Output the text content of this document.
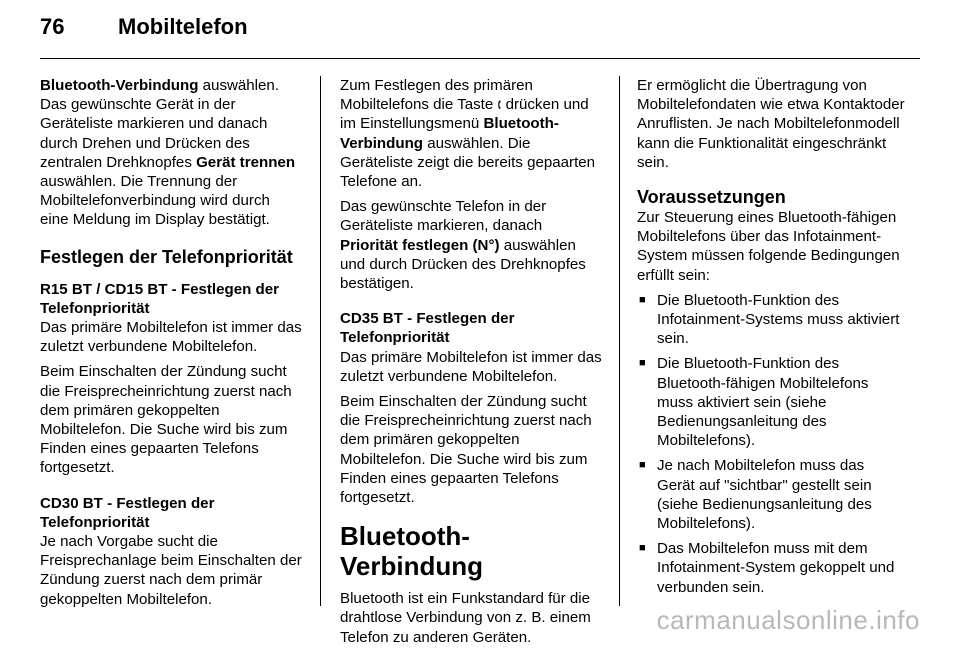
76	Mobiltelefon

Bluetooth-Verbindung auswählen. Das gewünschte Gerät in der Geräteliste markieren und danach durch Drehen und Drücken des zentralen Drehknopfes Gerät trennen auswählen. Die Trennung der Mobiltelefonverbindung wird durch eine Meldung im Display bestätigt.

Festlegen der Telefonpriorität
R15 BT / CD15 BT - Festlegen der Telefonpriorität

Das primäre Mobiltelefon ist immer das zuletzt verbundene Mobiltelefon.

Beim Einschalten der Zündung sucht die Freisprecheinrichtung zuerst nach dem primären gekoppelten Mobiltelefon. Die Suche wird bis zum Finden eines gepaarten Telefons fortgesetzt.

CD30 BT - Festlegen der Telefonpriorität

Je nach Vorgabe sucht die Freisprechanlage beim Einschalten der Zündung zuerst nach dem primär gekoppelten Mobiltelefon.

Zum Festlegen des primären Mobiltelefons die Taste 🕻 drücken und im Einstellungsmenü Bluetooth-Verbindung auswählen. Die Geräteliste zeigt die bereits gepaarten Telefone an.

Das gewünschte Telefon in der Geräteliste markieren, danach Priorität festlegen (N°) auswählen und durch Drücken des Drehknopfes bestätigen.

CD35 BT - Festlegen der Telefonpriorität

Das primäre Mobiltelefon ist immer das zuletzt verbundene Mobiltelefon.

Beim Einschalten der Zündung sucht die Freisprecheinrichtung zuerst nach dem primären gekoppelten Mobiltelefon. Die Suche wird bis zum Finden eines gepaarten Telefons fortgesetzt.

Bluetooth-Verbindung

Bluetooth ist ein Funkstandard für die drahtlose Verbindung von z. B. einem Telefon zu anderen Geräten.

Er ermöglicht die Übertragung von Mobiltelefondaten wie etwa Kontaktoder Anruflisten. Je nach Mobiltelefonmodell kann die Funktionalität eingeschränkt sein.

Voraussetzungen

Zur Steuerung eines Bluetooth-fähigen Mobiltelefons über das Infotainment-System müssen folgende Bedingungen erfüllt sein:

■ Die Bluetooth-Funktion des Infotainment-Systems muss aktiviert sein.
■ Die Bluetooth-Funktion des Bluetooth-fähigen Mobiltelefons muss aktiviert sein (siehe Bedienungsanleitung des Mobiltelefons).
■ Je nach Mobiltelefon muss das Gerät auf "sichtbar" gestellt sein (siehe Bedienungsanleitung des Mobiltelefons).
■ Das Mobiltelefon muss mit dem Infotainment-System gekoppelt und verbunden sein.
carmanualsonline.info
